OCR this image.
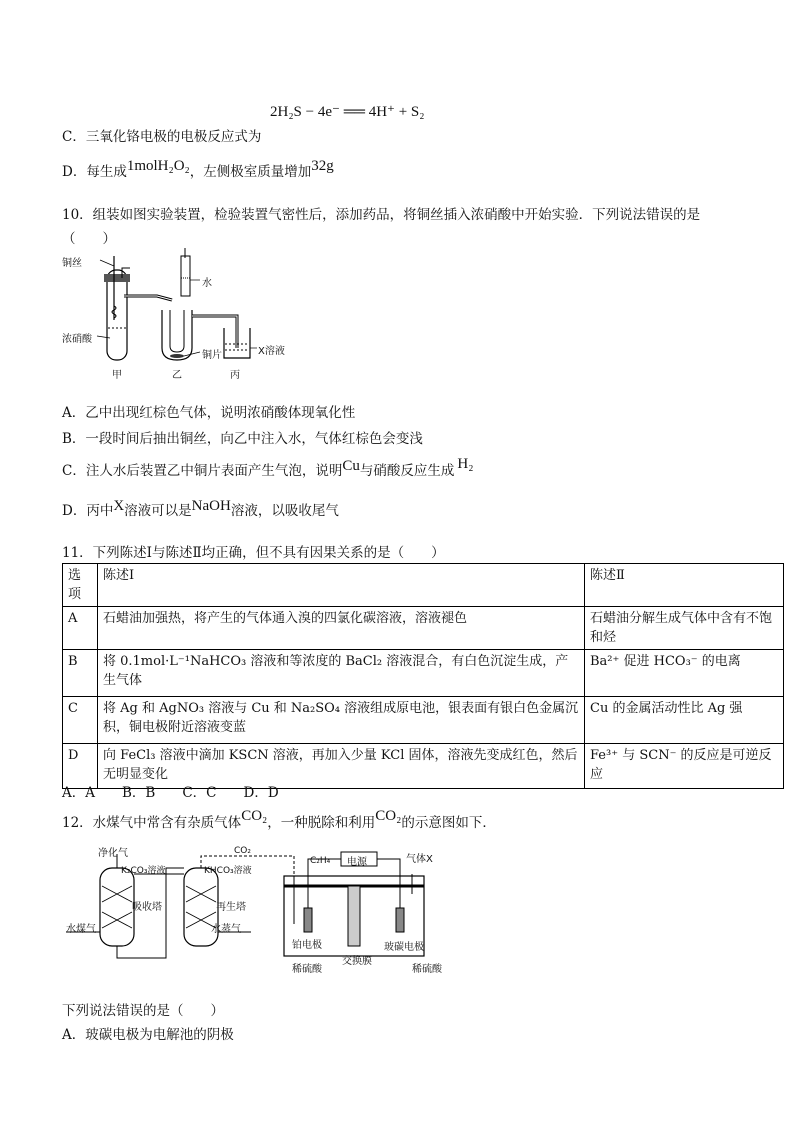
2H₂S − 4e⁻ ══ 4H⁺ + S₂
C．三氧化铬电极的电极反应式为
D．每生成1molH₂O₂，左侧极室质量增加32g
10．组装如图实验装置，检验装置气密性后，添加药品，将铜丝插入浓硝酸中开始实验．下列说法错误的是
（　　）
铜丝
浓硝酸
水
铜片	X溶液
甲	乙	丙
A．乙中出现红棕色气体，说明浓硝酸体现氧化性
B．一段时间后抽出铜丝，向乙中注入水，气体红棕色会变浅
C．注人水后装置乙中铜片表面产生气泡，说明Cu与硝酸反应生成 H₂
D．丙中X溶液可以是NaOH溶液，以吸收尾气
11．下列陈述Ⅰ与陈述Ⅱ均正确，但不具有因果关系的是（　　）
选项	陈述Ⅰ	陈述Ⅱ
A	石蜡油加强热，将产生的气体通入溴的四氯化碳溶液，溶液褪色	石蜡油分解生成气体中含有不饱和烃
B	将 0.1mol·L⁻¹NaHCO₃ 溶液和等浓度的 BaCl₂ 溶液混合，有白色沉淀生成，产生气体	Ba²⁺ 促进 HCO₃⁻ 的电离
C	将 Ag 和 AgNO₃ 溶液与 Cu 和 Na₂SO₄ 溶液组成原电池，银表面有银白色金属沉积，铜电极附近溶液变蓝	Cu 的金属活动性比 Ag 强
D	向 FeCl₃ 溶液中滴加 KSCN 溶液，再加入少量 KCl 固体，溶液先变成红色，然后无明显变化	Fe³⁺ 与 SCN⁻ 的反应是可逆反应
A．A　　B．B　　C．C　　D．D
12．水煤气中常含有杂质气体CO₂，一种脱除和利用CO₂的示意图如下．
净化气
K₂CO₃溶液	KHCO₃溶液
CO₂
吸收塔	再生塔
水煤气	水蒸气
C₂H₄ 电源	气体X
铂电极	玻碳电极
交换膜
稀硫酸	稀硫酸
下列说法错误的是（　　）
A．玻碳电极为电解池的阴极
